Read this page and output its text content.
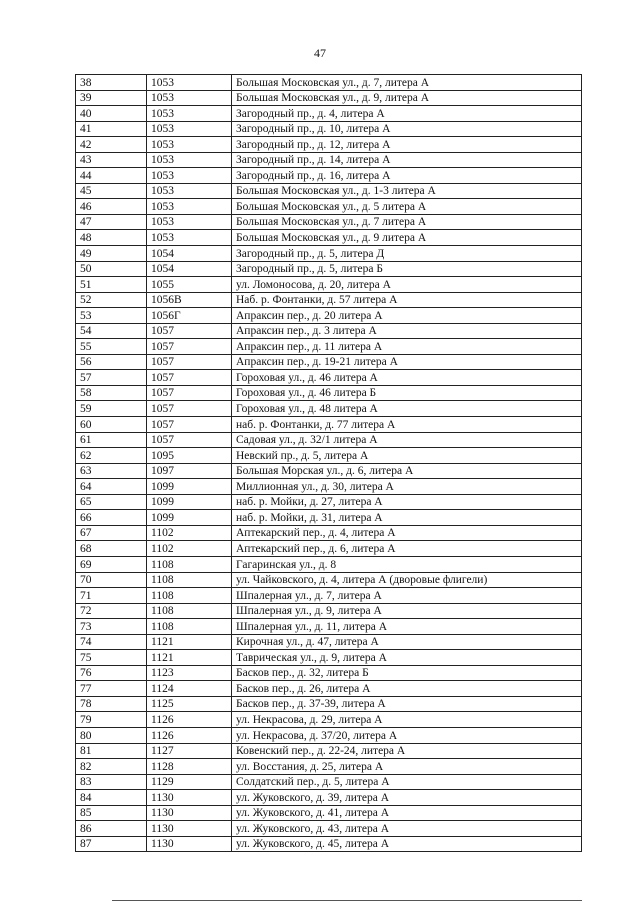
47
38	1053	Большая Московская ул., д. 7, литера А
39	1053	Большая Московская ул., д. 9, литера А
40	1053	Загородный пр., д. 4, литера А
41	1053	Загородный пр., д. 10, литера А
42	1053	Загородный пр., д. 12, литера А
43	1053	Загородный пр., д. 14, литера А
44	1053	Загородный пр., д. 16, литера А
45	1053	Большая Московская ул., д. 1-3 литера А
46	1053	Большая Московская ул., д. 5 литера А
47	1053	Большая Московская ул., д. 7 литера А
48	1053	Большая Московская ул., д. 9 литера А
49	1054	Загородный пр., д. 5, литера Д
50	1054	Загородный пр., д. 5, литера Б
51	1055	ул. Ломоносова, д. 20, литера А
52	1056В	Наб. р. Фонтанки, д. 57 литера А
53	1056Г	Апраксин пер., д. 20 литера А
54	1057	Апраксин пер., д. 3 литера А
55	1057	Апраксин пер., д. 11 литера А
56	1057	Апраксин пер., д. 19-21 литера А
57	1057	Гороховая ул., д. 46 литера А
58	1057	Гороховая ул., д. 46 литера Б
59	1057	Гороховая ул., д. 48 литера А
60	1057	наб. р. Фонтанки, д. 77 литера А
61	1057	Садовая ул., д. 32/1 литера А
62	1095	Невский пр., д. 5, литера А
63	1097	Большая Морская ул., д. 6, литера А
64	1099	Миллионная ул., д. 30, литера А
65	1099	наб. р. Мойки, д. 27, литера А
66	1099	наб. р. Мойки, д. 31, литера А
67	1102	Аптекарский пер., д. 4, литера А
68	1102	Аптекарский пер., д. 6, литера А
69	1108	Гагаринская ул., д. 8
70	1108	ул. Чайковского, д. 4, литера А (дворовые флигели)
71	1108	Шпалерная ул., д. 7, литера А
72	1108	Шпалерная ул., д. 9, литера А
73	1108	Шпалерная ул., д. 11, литера А
74	1121	Кирочная ул., д. 47, литера А
75	1121	Таврическая ул., д. 9, литера А
76	1123	Басков пер., д. 32, литера Б
77	1124	Басков пер., д. 26, литера А
78	1125	Басков пер., д. 37-39, литера А
79	1126	ул. Некрасова, д. 29, литера А
80	1126	ул. Некрасова, д. 37/20, литера А
81	1127	Ковенский пер., д. 22-24, литера А
82	1128	ул. Восстания, д. 25, литера А
83	1129	Солдатский пер., д. 5, литера А
84	1130	ул. Жуковского, д. 39, литера А
85	1130	ул. Жуковского, д. 41, литера А
86	1130	ул. Жуковского, д. 43, литера А
87	1130	ул. Жуковского, д. 45, литера А
